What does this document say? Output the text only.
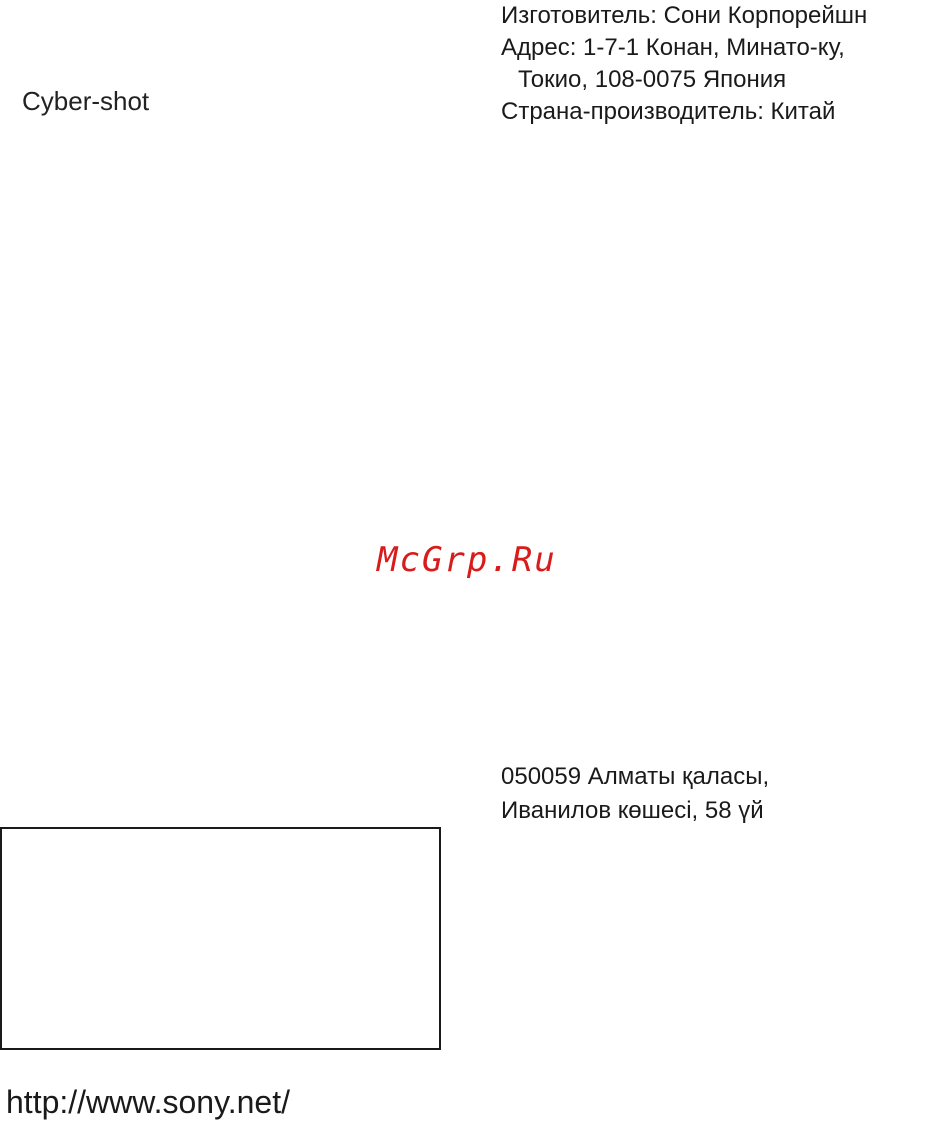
Cyber-shot
Изготовитель: Сони Корпорейшн
Адрес: 1-7-1 Конан, Минато-ку,
Токио, 108-0075 Япония
Страна-производитель: Китай
McGrp.Ru
050059 Алматы қаласы,
Иванилов көшесі, 58 үй
http://www.sony.net/
